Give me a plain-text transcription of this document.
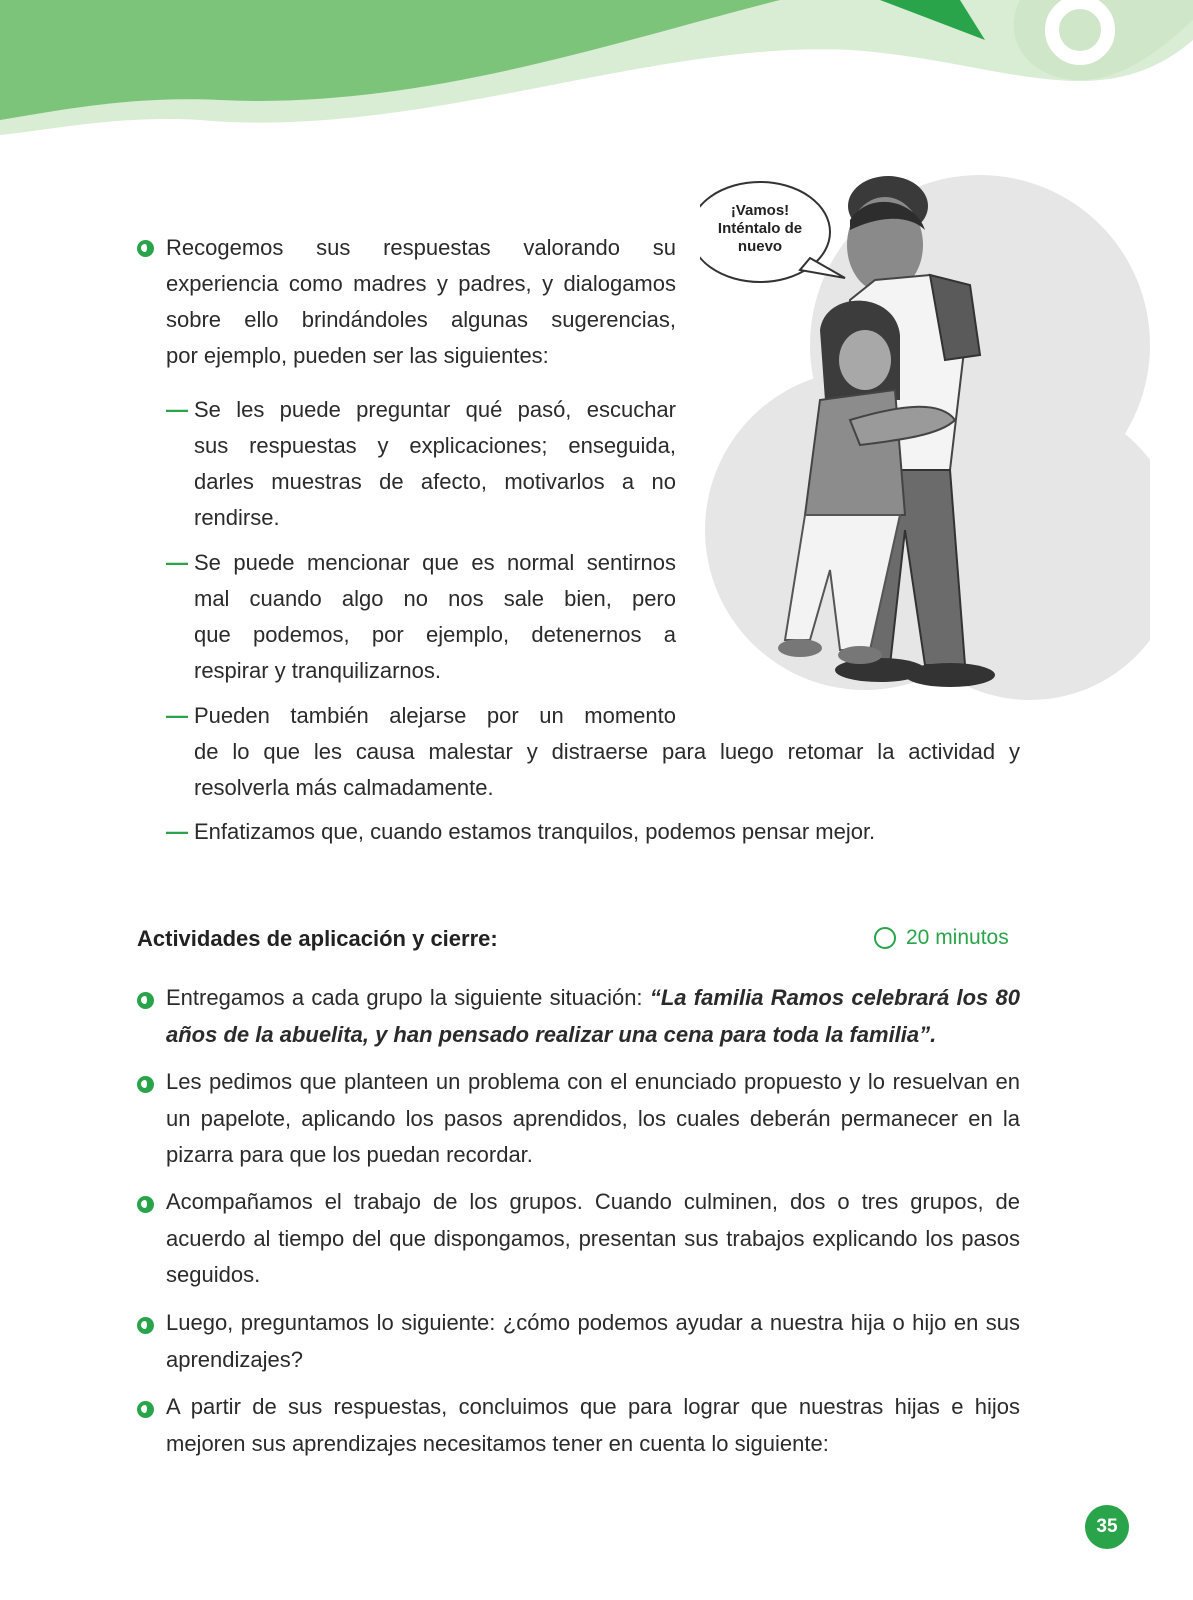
¡Vamos!
Inténtalo de
nuevo
Recogemos sus respuestas valorando su
experiencia como madres y padres, y dialogamos
sobre ello brindándoles algunas sugerencias,
por ejemplo, pueden ser las siguientes:
— Se les puede preguntar qué pasó, escuchar
sus respuestas y explicaciones; enseguida,
darles muestras de afecto, motivarlos a no
rendirse.
— Se puede mencionar que es normal sentirnos
mal cuando algo no nos sale bien, pero
que podemos, por ejemplo, detenernos a
respirar y tranquilizarnos.
— Pueden también alejarse por un momento
de lo que les causa malestar y distraerse para luego retomar la actividad y
resolverla más calmadamente.
— Enfatizamos que, cuando estamos tranquilos, podemos pensar mejor.
Actividades de aplicación y cierre:	20 minutos
Entregamos a cada grupo la siguiente situación: “La familia Ramos celebrará los 80 años de la abuelita, y han pensado realizar una cena para toda la familia”.
Les pedimos que planteen un problema con el enunciado propuesto y lo resuelvan en un papelote, aplicando los pasos aprendidos, los cuales deberán permanecer en la pizarra para que los puedan recordar.
Acompañamos el trabajo de los grupos. Cuando culminen, dos o tres grupos, de acuerdo al tiempo del que dispongamos, presentan sus trabajos explicando los pasos seguidos.
Luego, preguntamos lo siguiente: ¿cómo podemos ayudar a nuestra hija o hijo en sus aprendizajes?
A partir de sus respuestas, concluimos que para lograr que nuestras hijas e hijos mejoren sus aprendizajes necesitamos tener en cuenta lo siguiente:
35
